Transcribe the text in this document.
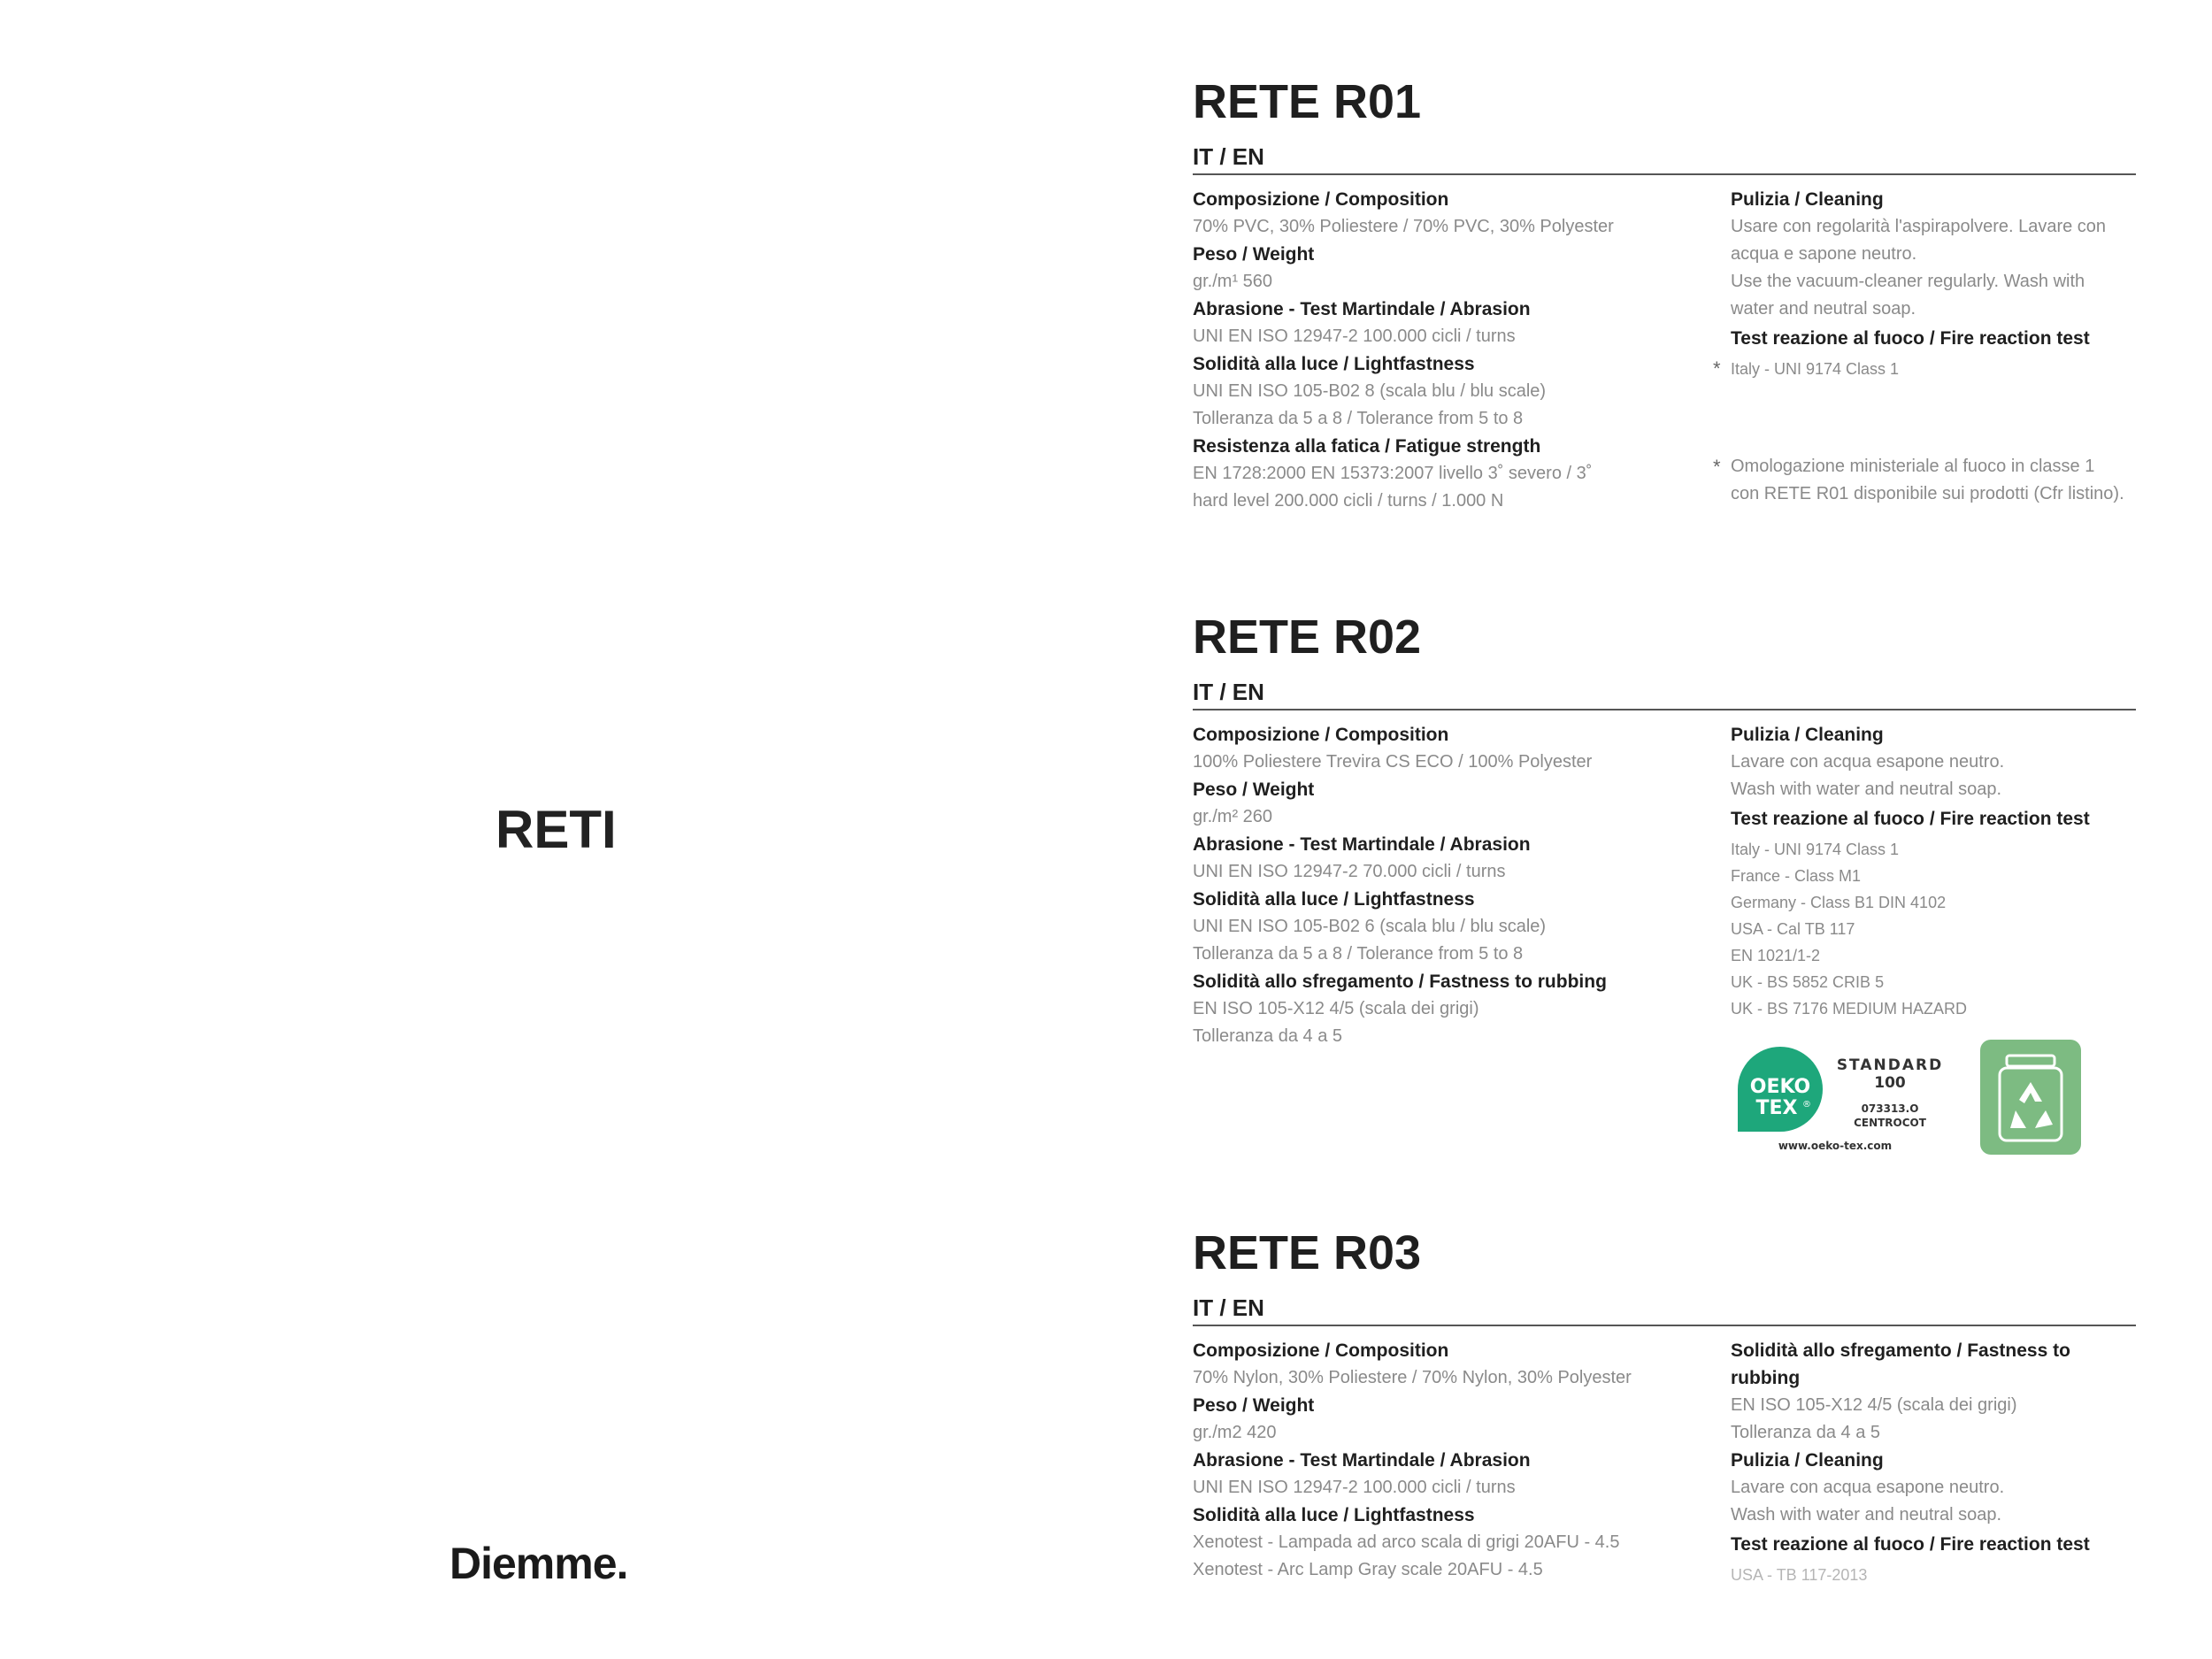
RETI
Diemme.
RETE R01
IT / EN
Composizione / Composition
70% PVC, 30% Poliestere / 70% PVC, 30% Polyester
Peso / Weight
gr./m¹ 560
Abrasione - Test Martindale / Abrasion
UNI EN ISO 12947-2 100.000 cicli / turns
Solidità alla luce / Lightfastness
UNI EN ISO 105-B02 8 (scala blu / blu scale)
Tolleranza da 5 a 8 / Tolerance from 5 to 8
Resistenza alla fatica / Fatigue strength
EN 1728:2000 EN 15373:2007 livello 3˚ severo / 3˚
hard level 200.000 cicli / turns / 1.000 N
Pulizia / Cleaning
Usare con regolarità l'aspirapolvere. Lavare con
acqua e sapone neutro.
Use the vacuum-cleaner regularly. Wash with
water and neutral soap.
Test reazione al fuoco / Fire reaction test
* Italy - UNI 9174 Class 1
* Omologazione ministeriale al fuoco in classe 1
con RETE R01 disponibile sui prodotti (Cfr listino).
RETE R02
IT / EN
Composizione / Composition
100% Poliestere Trevira CS ECO / 100% Polyester
Peso / Weight
gr./m² 260
Abrasione - Test Martindale / Abrasion
UNI EN ISO 12947-2 70.000 cicli / turns
Solidità alla luce / Lightfastness
UNI EN ISO 105-B02 6 (scala blu / blu scale)
Tolleranza da 5 a 8 / Tolerance from 5 to 8
Solidità allo sfregamento / Fastness to rubbing
EN ISO 105-X12 4/5 (scala dei grigi)
Tolleranza da 4 a 5
Pulizia / Cleaning
Lavare con acqua esapone neutro.
Wash with water and neutral soap.
Test reazione al fuoco / Fire reaction test
Italy - UNI 9174 Class 1
France - Class M1
Germany - Class B1 DIN 4102
USA - Cal TB 117
EN 1021/1-2
UK - BS 5852 CRIB 5
UK - BS 7176 MEDIUM HAZARD
OEKO
TEX ®
STANDARD
100
073313.O
CENTROCOT
www.oeko-tex.com
RETE R03
IT / EN
Composizione / Composition
70% Nylon, 30% Poliestere / 70% Nylon, 30% Polyester
Peso / Weight
gr./m2 420
Abrasione - Test Martindale / Abrasion
UNI EN ISO 12947-2 100.000 cicli / turns
Solidità alla luce / Lightfastness
Xenotest - Lampada ad arco scala di grigi 20AFU - 4.5
Xenotest - Arc Lamp Gray scale 20AFU - 4.5
Solidità allo sfregamento / Fastness to
rubbing
EN ISO 105-X12 4/5 (scala dei grigi)
Tolleranza da 4 a 5
Pulizia / Cleaning
Lavare con acqua esapone neutro.
Wash with water and neutral soap.
Test reazione al fuoco / Fire reaction test
USA - TB 117-2013
